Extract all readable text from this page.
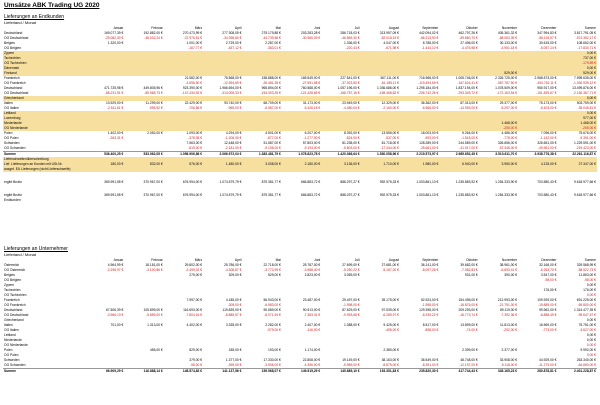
Umsätze ABK Trading UG 2020
Lieferungen an Endkunden
Lieferland / Monat
	Januar	Februar	März	April	Mai	Juni	Juli	August	September	Oktober	November	Dezember	Summe
Deutschland	169.077,39 €	192.882,00 €	270.473,99 €	277.308,05 €	275.179,88 €	203.283,28 €	286.718,03 €	313.997,09 €	442.094,02 €	462.797,26 €	405.361,32 €	347.994,83 €	3.817.791,05 €
OG Deutschland	-29.082,30 €	-36.032,24 €	-37.976,51 €	-34.398,80 €	-44.739,58 €	-30.980,09 €	-46.869,30 €	-52.018,19 €	-66.213,90 €	-59.860,70 €	-68.063,39 €	-56.116,57 €	-574.352,17 €
Belgien	1.320,00 €		1.001,00 €	2.729,00 €	2.287,00 €		1.336,00 €	4.047,00 €	8.788,00 €	27.496,00 €	30.133,00 €	30.615,00 €	108.652,00 €
OG Belgien			-167,77 €	-457,12 €	-383,01 €		-220,43 €	-671,98 €	-1.444,10 €	-4.476,98 €	-4.951,18 €	-5.057,14 €	-17.830,71 €
Zypern													0,00 €
Tschechien													737,00 €
OG Tschechien													-179,89 €
Dänemark													0,00 €
Finnland											529,00 €		529,00 €
Frankreich			21.582,00 €	75.568,00 €	158.888,00 €	165.549,00 €	227.541,00 €	367.111,00 €	716.968,00 €	1.005.746,00 €	2.326.725,00 €	2.968.573,00 €	7.995.635,00 €
OG Frankreich			-3.596,90 €	-12.594,69 €	-26.481,35 €	-27.591,58 €	-37.923,50 €	-61.185,11 €	-119.494,69 €	-167.624,41 €	-387.787,50 €	-494.762,11 €	-1.330.939,12 €
Deutschland	471.725,98 €	449.805,96 €	923.390,00 €	1.966.694,00 €	965.894,00 €	760.588,00 €	1.057.196,00 €	1.036.686,00 €	1.295.184,00 €	1.837.194,00 €	1.078.509,00 €	950.917,00 €	13.499.876,00 €
OG Deutschland	-88.231,91 €	-85.965,73 €	-147.434,92 €	-314.005,33 €	-154.303,25 €	-121.428,65 €	-168.787,16 €	-165.468,82 €	-206.742,26 €	-293.349,72 €	-172.163,54 €	-151.839,67 €	-2.150.367,71 €
Griechenland													0,00 €
Italien	13.929,00 €	11.299,00 €	22.429,00 €	93.740,00 €	68.709,00 €	31.173,00 €	23.949,00 €	12.329,00 €	36.362,00 €	87.313,00 €	29.377,00 €	75.173,00 €	503.759,00 €
OG Italien	-2.511,61 €	-995,52 €	-706,56 €	-965,00 €	-5.987,00 €	-5.426,18 €	-4.480,04 €	-2.160,00 €	-6.566,00 €	-14.993,00 €	-5.297,00 €	-5.403,00 €	-35.045,81 €
Lettland													0,00 €
Luxemburg													977,00 €
Niederlande											1.468,00 €		1.468,00 €
OG Niederlande											-255,00 €		-255,00 €
Polen	1.402,00 €	2.052,00 €	1.093,00 €	4.294,00 €	4.501,00 €	6.207,00 €	8.392,00 €	13.555,00 €	18.003,00 €	5.264,00 €	4.486,00 €	7.096,00 €	75.676,00 €
OG Polen	-263,31 €		-378,35 €	-1.206,00 €	-877,00 €	-1.277,00 €	-824,00 €	-537,00 €	-593,00 €	-1.518,00 €	-778,00 €	-1.142,00 €	-9.391,00 €
Schweden			7.563,00 €	12.448,00 €	51.587,00 €	57.803,00 €	81.238,00 €	81.718,00 €	128.289,00 €	244.589,00 €	326.656,00 €	326.651,00 €	1.229.591,00 €
OG Schweden			-819,00 €	-2.181,00 €	-9.195,00 €	-9.193,00 €	-5.803,00 €	-17.344,00 €	-25.661,00 €	-41.917,00 €	-57.346,00 €	-49.961,00 €	-219.423,00 €
Summe	536.400,25 €	533.062,05 €	1.056.906,86 €	2.066.972,04 €	1.383.481,79 €	1.078.823,78 €	1.420.366,64 €	1.530.058,96 €	2.219.573,97 €	2.985.652,45 €	3.510.611,70 €	3.938.776,38 €	22.261.116,87 €
Lieferschwellenüberschreitung													
Lief. Lieferungen an Kunden mit USt-Nr.	180,00 €	832,00 €	576,00 €	1.480,00 €	3.008,00 €	2.180,00 €	3.136,00 €	1.710,00 €	1.980,00 €	6.940,00 €	3.950,00 €	4.125,00 €	27.347,00 €
ausgef. EU Lieferungen (nicht Lieferschwelle)													

ergibt Brutto	369.991,55 €	370.967,00 €	676.994,00 €	1.074.579,79 €	879.381,77 €	666.883,72 €	888.297,27 €	992.975,33 €	1.003.861,13 €	1.235.883,92 €	1.254.333,90 €	703.580,43 €	9.618.977,66 €

ergibt Brutto	369.991,55 €	370.967,00 €	676.994,00 €	1.074.579,79 €	879.381,77 €	666.883,72 €	888.297,27 €	992.975,33 €	1.003.861,13 €	1.235.883,92 €	1.254.333,90 €	703.580,43 €	9.618.977,66 €
Endkunden													
Lieferungen an Unternehmer
Lieferland / Monat
	Januar	Februar	März	April	Mai	Juni	Juli	August	September	Oktober	November	Dezember	Summe
Österreich	4.964,99 €	18.181,00 €	29.802,00 €	25.786,00 €	22.718,00 €	25.787,00 €	27.699,00 €	27.681,00 €	36.141,00 €	39.682,00 €	38.961,00 €	32.166,00 €	329.568,99 €
OG Österreich	-2.296,97 €	-3.100,86 €	-2.499,02 €	-4.308,87 €	-3.773,99 €	-3.988,40 €	-5.250,22 €	-5.167,20 €	-8.097,26 €	-7.082,83 €	-6.693,41 €	-6.263,70 €	-58.522,73 €
Belgien			275,00 €	309,00 €	529,00 €	2.823,00 €	3.059,00 €			931,00 €	390,00 €	3.547,00 €	11.863,00 €
OG Belgien												-98,00 €	-98,00 €
Zypern													0,00 €
Tschechien												176,00 €	176,00 €
OG Tschechien													0,00 €
Frankreich			7.597,00 €	4.185,00 €	56.943,00 €	23.487,00 €	29.497,00 €	39.175,00 €	52.924,00 €	154.495,00 €	212.993,00 €	109.929,00 €	691.225,00 €
OG Frankreich				-305,00 €	-6.983,00 €		-1.998,00 €		-1.958,00 €	-16.876,00 €	-21.791,00 €	-19.889,00 €	-69.800,00 €
Deutschland	67.506,39 €	105.899,00 €	116.693,00 €	119.839,00 €	90.689,00 €	90.913,00 €	87.629,00 €	97.539,00 €	129.398,00 €	209.293,00 €	89.119,00 €	99.962,00 €	1.314.477,39 €
OG Deutschland	-3.966,13 €	-5.859,00 €	-7.804,16 €	-8.885,57 €	-8.071,94 €	-7.383,31 €	-9.993,68 €	-6.289,97 €	-8.339,22 €	-16.773,74 €	-7.392,36 €	-8.888,49 €	-99.647,57 €
Griechenland													0,00 €
Italien	701,00 €	1.313,00 €	4.402,00 €	3.335,00 €	2.282,00 €	2.407,00 €	1.088,00 €	9.425,00 €	8.517,00 €	13.899,00 €	11.813,00 €	16.569,00 €	75.751,00 €
OG Italien					-979,00 €	-116,00 €		-495,00 €	-898,00 €	-74,00 €	-292,00 €	-773,00 €	-3.627,00 €
Lettland													0,00 €
Niederlande													0,00 €
OG Niederlande													0,00 €
Polen		455,00 €	829,00 €	185,00 €	193,00 €	1.174,00 €		2.380,00 €		2.399,00 €	2.377,00 €		9.992,00 €
OG Polen													0,00 €
Schweden			379,00 €	1.377,00 €	17.330,00 €	22.808,00 €	19.149,00 €	38.163,00 €	36.549,00 €	48.748,00 €	33.908,00 €	44.929,00 €	263.340,00 €
OG Schweden			-98,00 €	-395,00 €	-3.908,00 €	-4.396,00 €	-5.989,00 €	-8.879,00 €	-8.391,00 €	-12.197,00 €	-9.118,00 €	-11.279,00 €	-64.650,00 €
Summe	66.909,29 €	116.888,14 €	148.574,82 €	141.137,56 €	159.568,07 €	149.515,29 €	145.889,10 €	193.351,83 €	235.820,30 €	417.744,43 €	345.165,23 €	280.878,81 €	2.401.228,87 €
